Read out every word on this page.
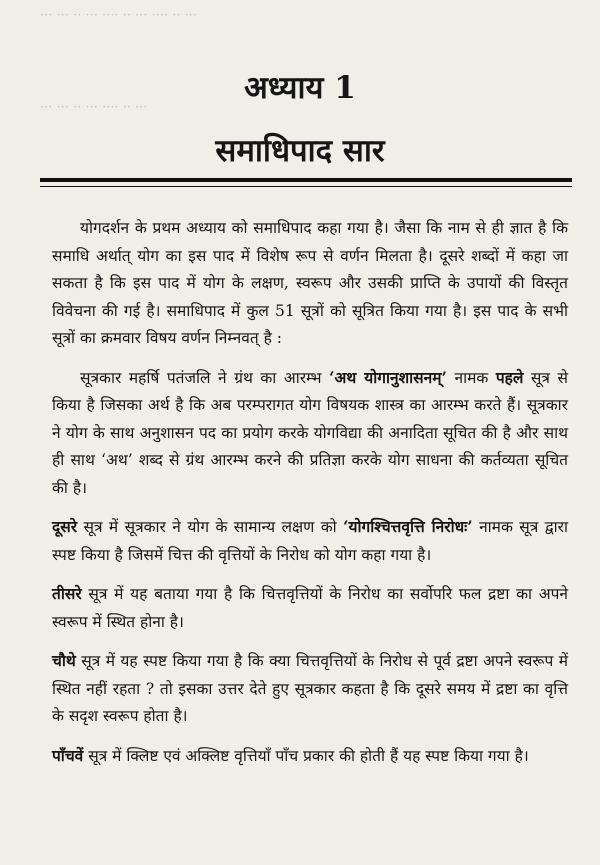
··· ··· ·· ··· ···· ·· ··· ···· ·· ···
··· ··· ·· ··· ···· ·· ···
अध्याय 1
समाधिपाद सार

योगदर्शन के प्रथम अध्याय को समाधिपाद कहा गया है। जैसा कि नाम से ही ज्ञात है कि समाधि अर्थात् योग का इस पाद में विशेष रूप से वर्णन मिलता है। दूसरे शब्दों में कहा जा सकता है कि इस पाद में योग के लक्षण, स्वरूप और उसकी प्राप्ति के उपायों की विस्तृत विवेचना की गई है। समाधिपाद में कुल 51 सूत्रों को सूत्रित किया गया है। इस पाद के सभी सूत्रों का क्रमवार विषय वर्णन निम्नवत् है :

सूत्रकार महर्षि पतंजलि ने ग्रंथ का आरम्भ ‘अथ योगानुशासनम्’ नामक पहले सूत्र से किया है जिसका अर्थ है कि अब परम्परागत योग विषयक शास्त्र का आरम्भ करते हैं। सूत्रकार ने योग के साथ अनुशासन पद का प्रयोग करके योगविद्या की अनादिता सूचित की है और साथ ही साथ ‘अथ’ शब्द से ग्रंथ आरम्भ करने की प्रतिज्ञा करके योग साधना की कर्तव्यता सूचित की है।

दूसरे सूत्र में सूत्रकार ने योग के सामान्य लक्षण को ‘योगश्चित्तवृत्ति निरोधः’ नामक सूत्र द्वारा स्पष्ट किया है जिसमें चित्त की वृत्तियों के निरोध को योग कहा गया है।

तीसरे सूत्र में यह बताया गया है कि चित्तवृत्तियों के निरोध का सर्वोपरि फल द्रष्टा का अपने स्वरूप में स्थित होना है।

चौथे सूत्र में यह स्पष्ट किया गया है कि क्या चित्तवृत्तियों के निरोध से पूर्व द्रष्टा अपने स्वरूप में स्थित नहीं रहता ? तो इसका उत्तर देते हुए सूत्रकार कहता है कि दूसरे समय में द्रष्टा का वृत्ति के सदृश स्वरूप होता है।

पाँचवें सूत्र में क्लिष्ट एवं अक्लिष्ट वृत्तियाँ पाँच प्रकार की होती हैं यह स्पष्ट किया गया है।
